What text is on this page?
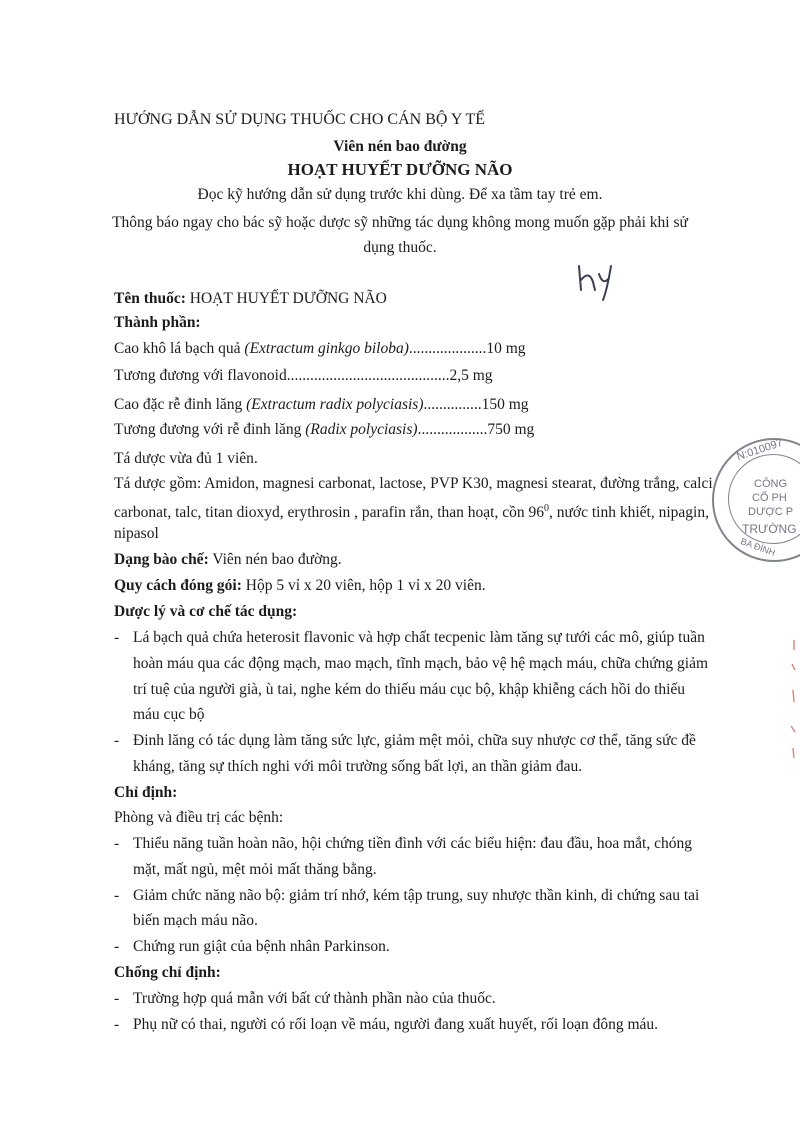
HƯỚNG DẪN SỬ DỤNG THUỐC CHO CÁN BỘ Y TẾ
Viên nén bao đường
HOẠT HUYẾT DƯỠNG NÃO
Đọc kỹ hướng dẫn sử dụng trước khi dùng. Để xa tầm tay trẻ em.
Thông báo ngay cho bác sỹ hoặc dược sỹ những tác dụng không mong muốn gặp phải khi sử
dụng thuốc.
Tên thuốc: HOẠT HUYẾT DƯỠNG NÃO
Thành phần:
Cao khô lá bạch quả (Extractum ginkgo biloba)....................10 mg
Tương đương với flavonoid..........................................2,5 mg
Cao đặc rễ đinh lăng (Extractum radix polyciasis)...............150 mg
Tương đương với rễ đinh lăng (Radix polyciasis)..................750 mg
Tá dược vừa đủ 1 viên.
Tá dược gồm: Amidon, magnesi carbonat, lactose, PVP K30, magnesi stearat, đường trắng, calci
carbonat, talc, titan dioxyd, erythrosin , parafin rắn, than hoạt, cồn $96^0$, nước tinh khiết, nipagin,
nipasol
Dạng bào chế: Viên nén bao đường.
Quy cách đóng gói: Hộp 5 vỉ x 20 viên, hộp 1 vỉ x 20 viên.
Dược lý và cơ chế tác dụng:
- Lá bạch quả chứa heterosit flavonic và hợp chất tecpenic làm tăng sự tưới các mô, giúp tuần
hoàn máu qua các động mạch, mao mạch, tĩnh mạch, bảo vệ hệ mạch máu, chữa chứng giảm
trí tuệ của người già, ù tai, nghe kém do thiếu máu cục bộ, khập khiễng cách hồi do thiếu
máu cục bộ
- Đinh lăng có tác dụng làm tăng sức lực, giảm mệt mỏi, chữa suy nhược cơ thể, tăng sức đề
kháng, tăng sự thích nghi với môi trường sống bất lợi, an thần giảm đau.
Chỉ định:
Phòng và điều trị các bệnh:
- Thiểu năng tuần hoàn não, hội chứng tiền đình với các biểu hiện: đau đầu, hoa mắt, chóng
mặt, mất ngủ, mệt mỏi mất thăng bằng.
- Giảm chức năng não bộ: giảm trí nhớ, kém tập trung, suy nhược thần kinh, di chứng sau tai
biến mạch máu não.
- Chứng run giật của bệnh nhân Parkinson.
Chống chỉ định:
- Trường hợp quá mẫn với bất cứ thành phần nào của thuốc.
- Phụ nữ có thai, người có rối loạn về máu, người đang xuất huyết, rối loạn đông máu.
N:010097
CÔNG
CỔ PH
DƯỢC P
TRƯỜNG
BA ĐÌNH
